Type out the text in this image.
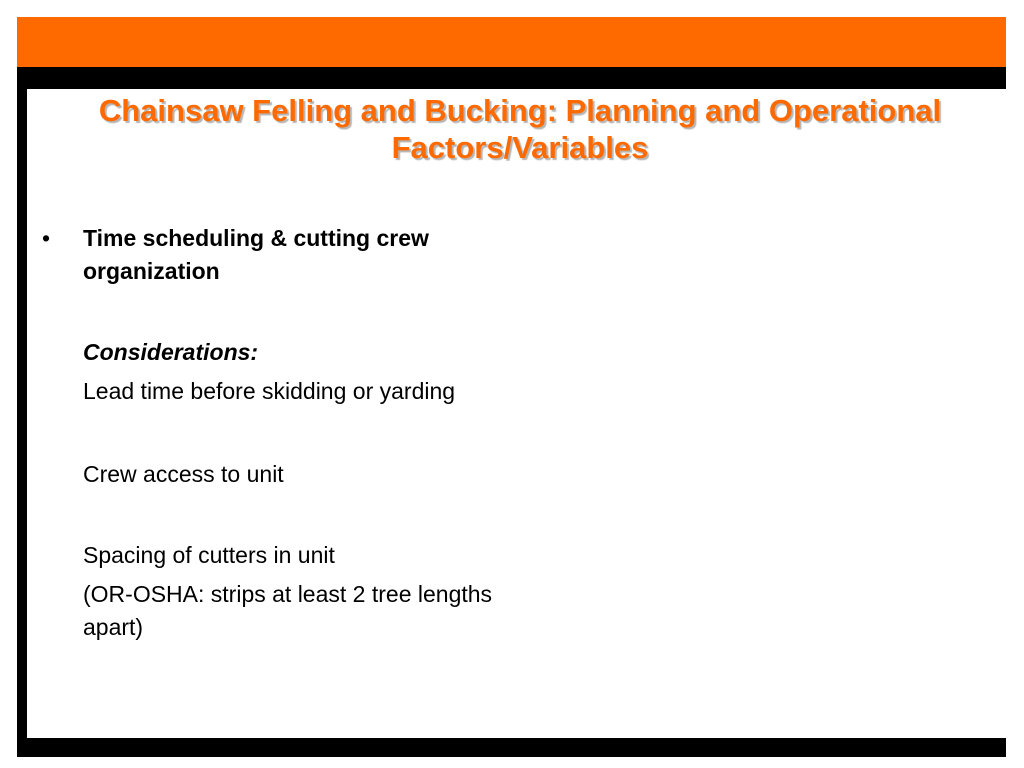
Chainsaw Felling and Bucking: Planning and Operational Factors/Variables
• Time scheduling & cutting crew organization
Considerations:
Lead time before skidding or yarding
Crew access to unit
Spacing of cutters in unit
(OR-OSHA: strips at least 2 tree lengths apart)
